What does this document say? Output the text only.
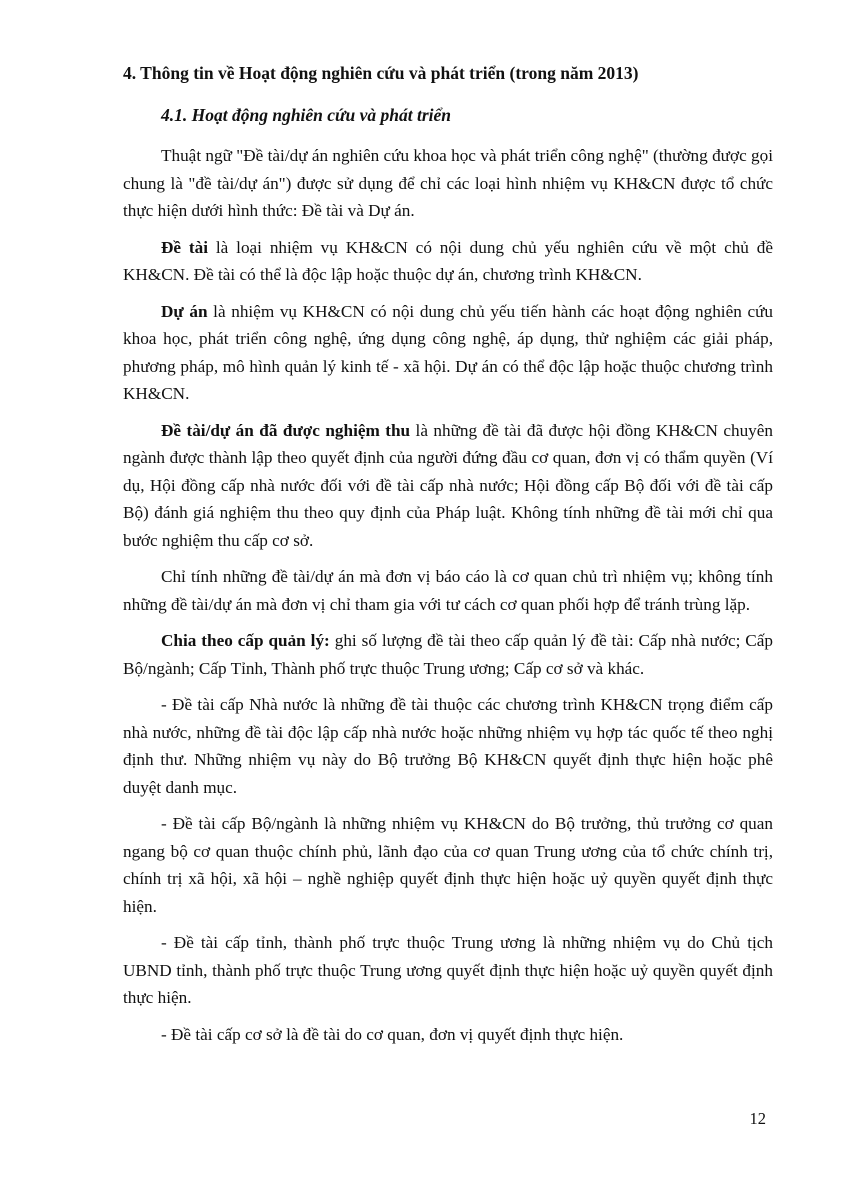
4. Thông tin về Hoạt động nghiên cứu và phát triển (trong năm 2013)
4.1. Hoạt động nghiên cứu và phát triển

Thuật ngữ "Đề tài/dự án nghiên cứu khoa học và phát triển công nghệ" (thường được gọi chung là "đề tài/dự án") được sử dụng để chỉ các loại hình nhiệm vụ KH&CN được tổ chức thực hiện dưới hình thức: Đề tài và Dự án.

Đề tài là loại nhiệm vụ KH&CN có nội dung chủ yếu nghiên cứu về một chủ đề KH&CN. Đề tài có thể là độc lập hoặc thuộc dự án, chương trình KH&CN.

Dự án là nhiệm vụ KH&CN có nội dung chủ yếu tiến hành các hoạt động nghiên cứu khoa học, phát triển công nghệ, ứng dụng công nghệ, áp dụng, thử nghiệm các giải pháp, phương pháp, mô hình quản lý kinh tế - xã hội. Dự án có thể độc lập hoặc thuộc chương trình KH&CN.

Đề tài/dự án đã được nghiệm thu là những đề tài đã được hội đồng KH&CN chuyên ngành được thành lập theo quyết định của người đứng đầu cơ quan, đơn vị có thẩm quyền (Ví dụ, Hội đồng cấp nhà nước đối với đề tài cấp nhà nước; Hội đồng cấp Bộ đối với đề tài cấp Bộ) đánh giá nghiệm thu theo quy định của Pháp luật. Không tính những đề tài mới chỉ qua bước nghiệm thu cấp cơ sở.

Chỉ tính những đề tài/dự án mà đơn vị báo cáo là cơ quan chủ trì nhiệm vụ; không tính những đề tài/dự án mà đơn vị chỉ tham gia với tư cách cơ quan phối hợp để tránh trùng lặp.

Chia theo cấp quản lý: ghi số lượng đề tài theo cấp quản lý đề tài: Cấp nhà nước; Cấp Bộ/ngành; Cấp Tỉnh, Thành phố trực thuộc Trung ương; Cấp cơ sở và khác.

- Đề tài cấp Nhà nước là những đề tài thuộc các chương trình KH&CN trọng điểm cấp nhà nước, những đề tài độc lập cấp nhà nước hoặc những nhiệm vụ hợp tác quốc tế theo nghị định thư. Những nhiệm vụ này do Bộ trưởng Bộ KH&CN quyết định thực hiện hoặc phê duyệt danh mục.

- Đề tài cấp Bộ/ngành là những nhiệm vụ KH&CN do Bộ trưởng, thủ trưởng cơ quan ngang bộ cơ quan thuộc chính phủ, lãnh đạo của cơ quan Trung ương của tổ chức chính trị, chính trị xã hội, xã hội – nghề nghiệp quyết định thực hiện hoặc uỷ quyền quyết định thực hiện.

- Đề tài cấp tỉnh, thành phố trực thuộc Trung ương là những nhiệm vụ do Chủ tịch UBND tỉnh, thành phố trực thuộc Trung ương quyết định thực hiện hoặc uỷ quyền quyết định thực hiện.

- Đề tài cấp cơ sở là đề tài do cơ quan, đơn vị quyết định thực hiện.

12
